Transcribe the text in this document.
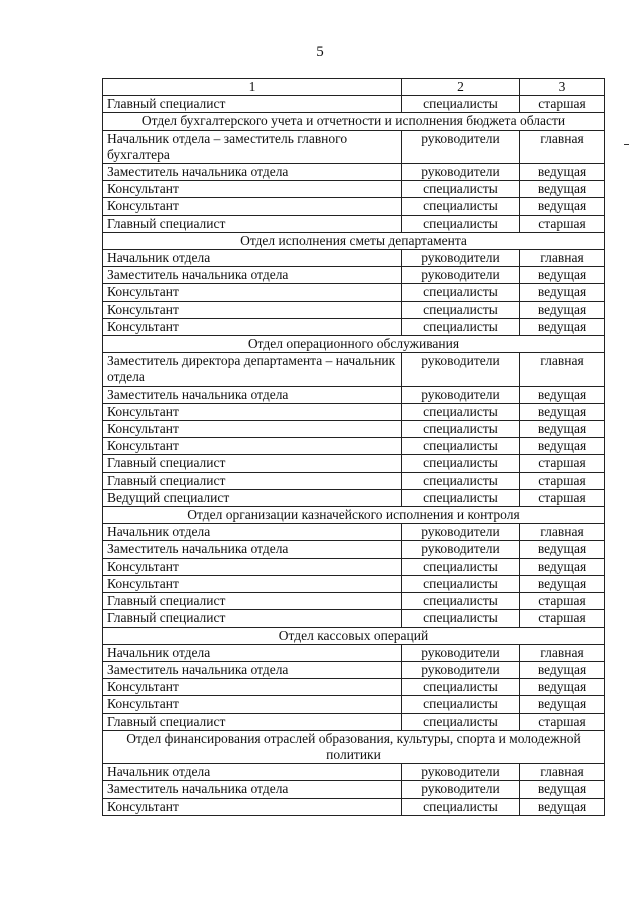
5
1	2	3
Главный специалист	специалисты	старшая
Отдел бухгалтерского учета и отчетности и исполнения бюджета области		
Начальник отдела – заместитель главного бухгалтера	руководители	главная
Заместитель начальника отдела	руководители	ведущая
Консультант	специалисты	ведущая
Консультант	специалисты	ведущая
Главный специалист	специалисты	старшая
Отдел исполнения сметы департамента		
Начальник отдела	руководители	главная
Заместитель начальника отдела	руководители	ведущая
Консультант	специалисты	ведущая
Консультант	специалисты	ведущая
Консультант	специалисты	ведущая
Отдел операционного обслуживания		
Заместитель директора департамента – начальник отдела	руководители	главная
Заместитель начальника отдела	руководители	ведущая
Консультант	специалисты	ведущая
Консультант	специалисты	ведущая
Консультант	специалисты	ведущая
Главный специалист	специалисты	старшая
Главный специалист	специалисты	старшая
Ведущий специалист	специалисты	старшая
Отдел организации казначейского исполнения и контроля		
Начальник отдела	руководители	главная
Заместитель начальника отдела	руководители	ведущая
Консультант	специалисты	ведущая
Консультант	специалисты	ведущая
Главный специалист	специалисты	старшая
Главный специалист	специалисты	старшая
Отдел кассовых операций		
Начальник отдела	руководители	главная
Заместитель начальника отдела	руководители	ведущая
Консультант	специалисты	ведущая
Консультант	специалисты	ведущая
Главный специалист	специалисты	старшая
Отдел финансирования отраслей образования, культуры, спорта и молодежной политики		
Начальник отдела	руководители	главная
Заместитель начальника отдела	руководители	ведущая
Консультант	специалисты	ведущая
